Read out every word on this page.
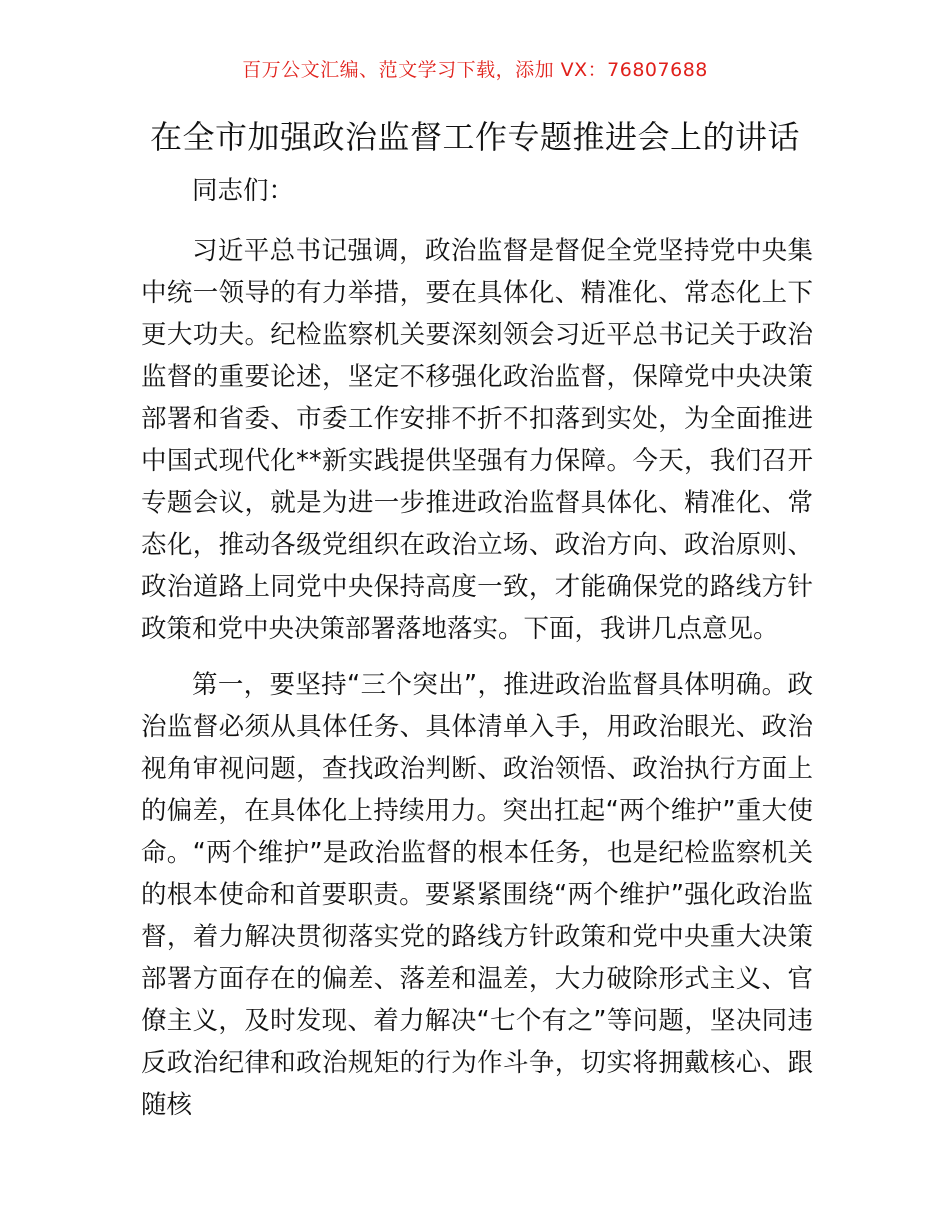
百万公文汇编、范文学习下载，添加 VX：76807688
在全市加强政治监督工作专题推进会上的讲话

同志们：

习近平总书记强调，政治监督是督促全党坚持党中央集中统一领导的有力举措，要在具体化、精准化、常态化上下更大功夫。纪检监察机关要深刻领会习近平总书记关于政治监督的重要论述，坚定不移强化政治监督，保障党中央决策部署和省委、市委工作安排不折不扣落到实处，为全面推进中国式现代化**新实践提供坚强有力保障。今天，我们召开专题会议，就是为进一步推进政治监督具体化、精准化、常态化，推动各级党组织在政治立场、政治方向、政治原则、政治道路上同党中央保持高度一致，才能确保党的路线方针政策和党中央决策部署落地落实。下面，我讲几点意见。

第一，要坚持“三个突出”，推进政治监督具体明确。政治监督必须从具体任务、具体清单入手，用政治眼光、政治视角审视问题，查找政治判断、政治领悟、政治执行方面上的偏差，在具体化上持续用力。突出扛起“两个维护”重大使命。“两个维护”是政治监督的根本任务，也是纪检监察机关的根本使命和首要职责。要紧紧围绕“两个维护”强化政治监督，着力解决贯彻落实党的路线方针政策和党中央重大决策部署方面存在的偏差、落差和温差，大力破除形式主义、官僚主义，及时发现、着力解决“七个有之”等问题，坚决同违反政治纪律和政治规矩的行为作斗争，切实将拥戴核心、跟随核
